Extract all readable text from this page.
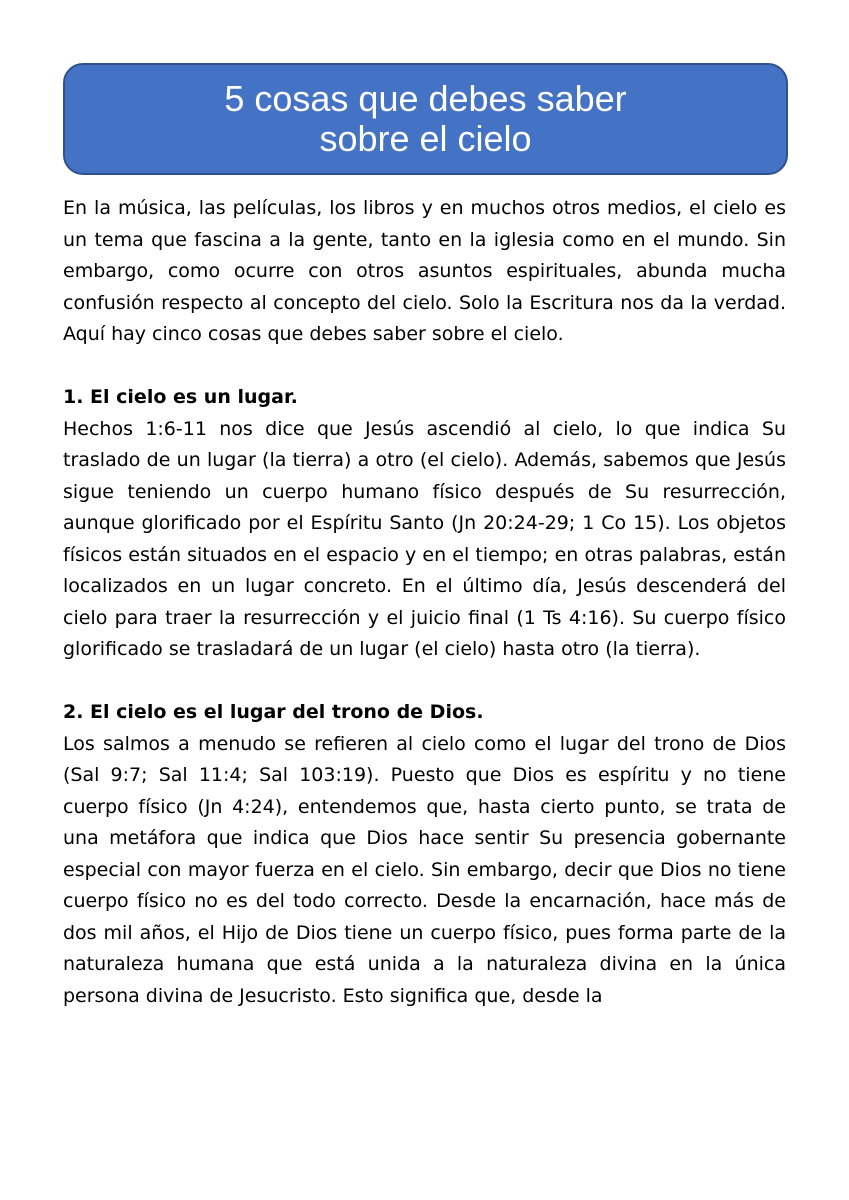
5 cosas que debes saber
sobre el cielo

En la música, las películas, los libros y en muchos otros medios, el cielo es un tema que fascina a la gente, tanto en la iglesia como en el mundo. Sin embargo, como ocurre con otros asuntos espirituales, abunda mucha confusión respecto al concepto del cielo. Solo la Escritura nos da la verdad. Aquí hay cinco cosas que debes saber sobre el cielo.

1. El cielo es un lugar.

Hechos 1:6-11 nos dice que Jesús ascendió al cielo, lo que indica Su traslado de un lugar (la tierra) a otro (el cielo). Además, sabemos que Jesús sigue teniendo un cuerpo humano físico después de Su resurrección, aunque glorificado por el Espíritu Santo (Jn 20:24-29; 1 Co 15). Los objetos físicos están situados en el espacio y en el tiempo; en otras palabras, están localizados en un lugar concreto. En el último día, Jesús descenderá del cielo para traer la resurrección y el juicio final (1 Ts 4:16). Su cuerpo físico glorificado se trasladará de un lugar (el cielo) hasta otro (la tierra).

2. El cielo es el lugar del trono de Dios.

Los salmos a menudo se refieren al cielo como el lugar del trono de Dios (Sal 9:7; Sal 11:4; Sal 103:19). Puesto que Dios es espíritu y no tiene cuerpo físico (Jn 4:24), entendemos que, hasta cierto punto, se trata de una metáfora que indica que Dios hace sentir Su presencia gobernante especial con mayor fuerza en el cielo. Sin embargo, decir que Dios no tiene cuerpo físico no es del todo correcto. Desde la encarnación, hace más de dos mil años, el Hijo de Dios tiene un cuerpo físico, pues forma parte de la naturaleza humana que está unida a la naturaleza divina en la única persona divina de Jesucristo. Esto significa que, desde la
